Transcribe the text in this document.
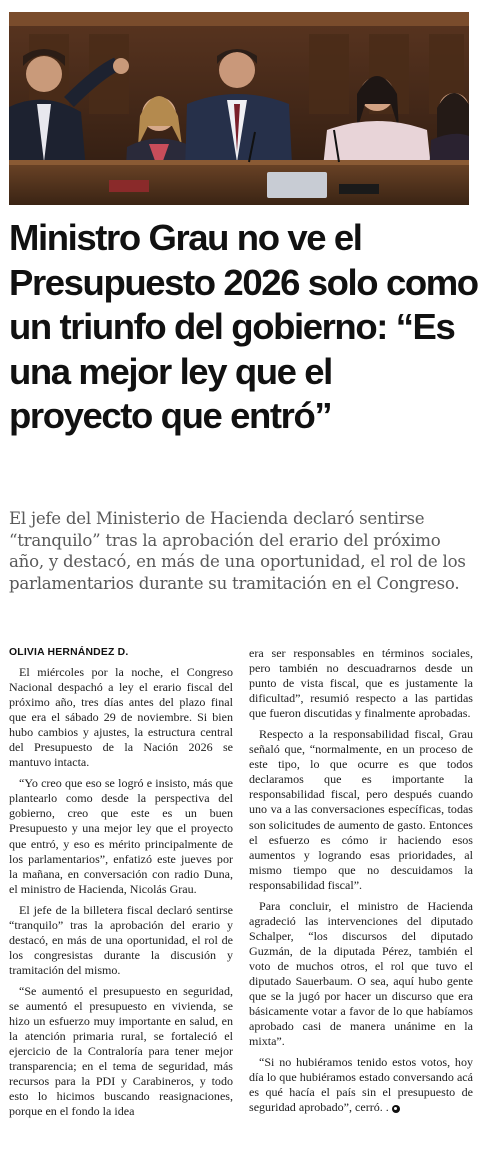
Ministro Grau no ve el Presupuesto 2026 solo como un triunfo del gobierno: “Es una mejor ley que el proyecto que entró”

El jefe del Ministerio de Hacienda declaró sentirse “tranquilo” tras la aprobación del erario del próximo año, y destacó, en más de una oportunidad, el rol de los parlamentarios durante su tramitación en el Congreso.

OLIVIA HERNÁNDEZ D.

El miércoles por la noche, el Congreso Nacional despachó a ley el erario fiscal del próximo año, tres días antes del plazo final que era el sábado 29 de noviembre. Si bien hubo cambios y ajustes, la estructura central del Presupuesto de la Nación 2026 se mantuvo intacta.

“Yo creo que eso se logró e insisto, más que plantearlo como desde la perspectiva del gobierno, creo que este es un buen Presupuesto y una mejor ley que el proyecto que entró, y eso es mérito principalmente de los parlamentarios”, enfatizó este jueves por la mañana, en conversación con radio Duna, el ministro de Hacienda, Nicolás Grau.

El jefe de la billetera fiscal declaró sentirse “tranquilo” tras la aprobación del erario y destacó, en más de una oportunidad, el rol de los congresistas durante la discusión y tramitación del mismo.

“Se aumentó el presupuesto en seguridad, se aumentó el presupuesto en vivienda, se hizo un esfuerzo muy importante en salud, en la atención primaria rural, se fortaleció el ejercicio de la Contraloría para tener mejor transparencia; en el tema de seguridad, más recursos para la PDI y Carabineros, y todo esto lo hicimos buscando reasignaciones, porque en el fondo la idea

era ser responsables en términos sociales, pero también no descuadrarnos desde un punto de vista fiscal, que es justamente la dificultad”, resumió respecto a las partidas que fueron discutidas y finalmente aprobadas.

Respecto a la responsabilidad fiscal, Grau señaló que, “normalmente, en un proceso de este tipo, lo que ocurre es que todos declaramos que es importante la responsabilidad fiscal, pero después cuando uno va a las conversaciones específicas, todas son solicitudes de aumento de gasto. Entonces el esfuerzo es cómo ir haciendo esos aumentos y logrando esas prioridades, al mismo tiempo que no descuidamos la responsabilidad fiscal”.

Para concluir, el ministro de Hacienda agradeció las intervenciones del diputado Schalper, “los discursos del diputado Guzmán, de la diputada Pérez, también el voto de muchos otros, el rol que tuvo el diputado Sauerbaum. O sea, aquí hubo gente que se la jugó por hacer un discurso que era básicamente votar a favor de lo que habíamos aprobado casi de manera unánime en la mixta”.

“Si no hubiéramos tenido estos votos, hoy día lo que hubiéramos estado conversando acá es qué hacía el país sin el presupuesto de seguridad aprobado”, cerró. .
